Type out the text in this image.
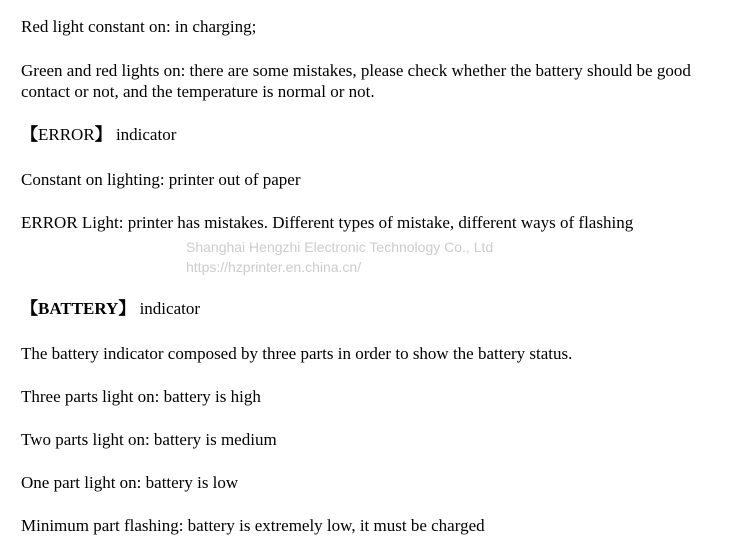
Red light constant on: in charging;
Green and red lights on: there are some mistakes, please check whether the battery should be good contact or not, and the temperature is normal or not.
【ERROR】 indicator
Constant on lighting: printer out of paper
ERROR Light: printer has mistakes. Different types of mistake, different ways of flashing
Shanghai Hengzhi Electronic Technology Co., Ltd
https://hzprinter.en.china.cn/
【BATTERY】 indicator
The battery indicator composed by three parts in order to show the battery status.
Three parts light on: battery is high
Two parts light on: battery is medium
One part light on: battery is low
Minimum part flashing: battery is extremely low, it must be charged
